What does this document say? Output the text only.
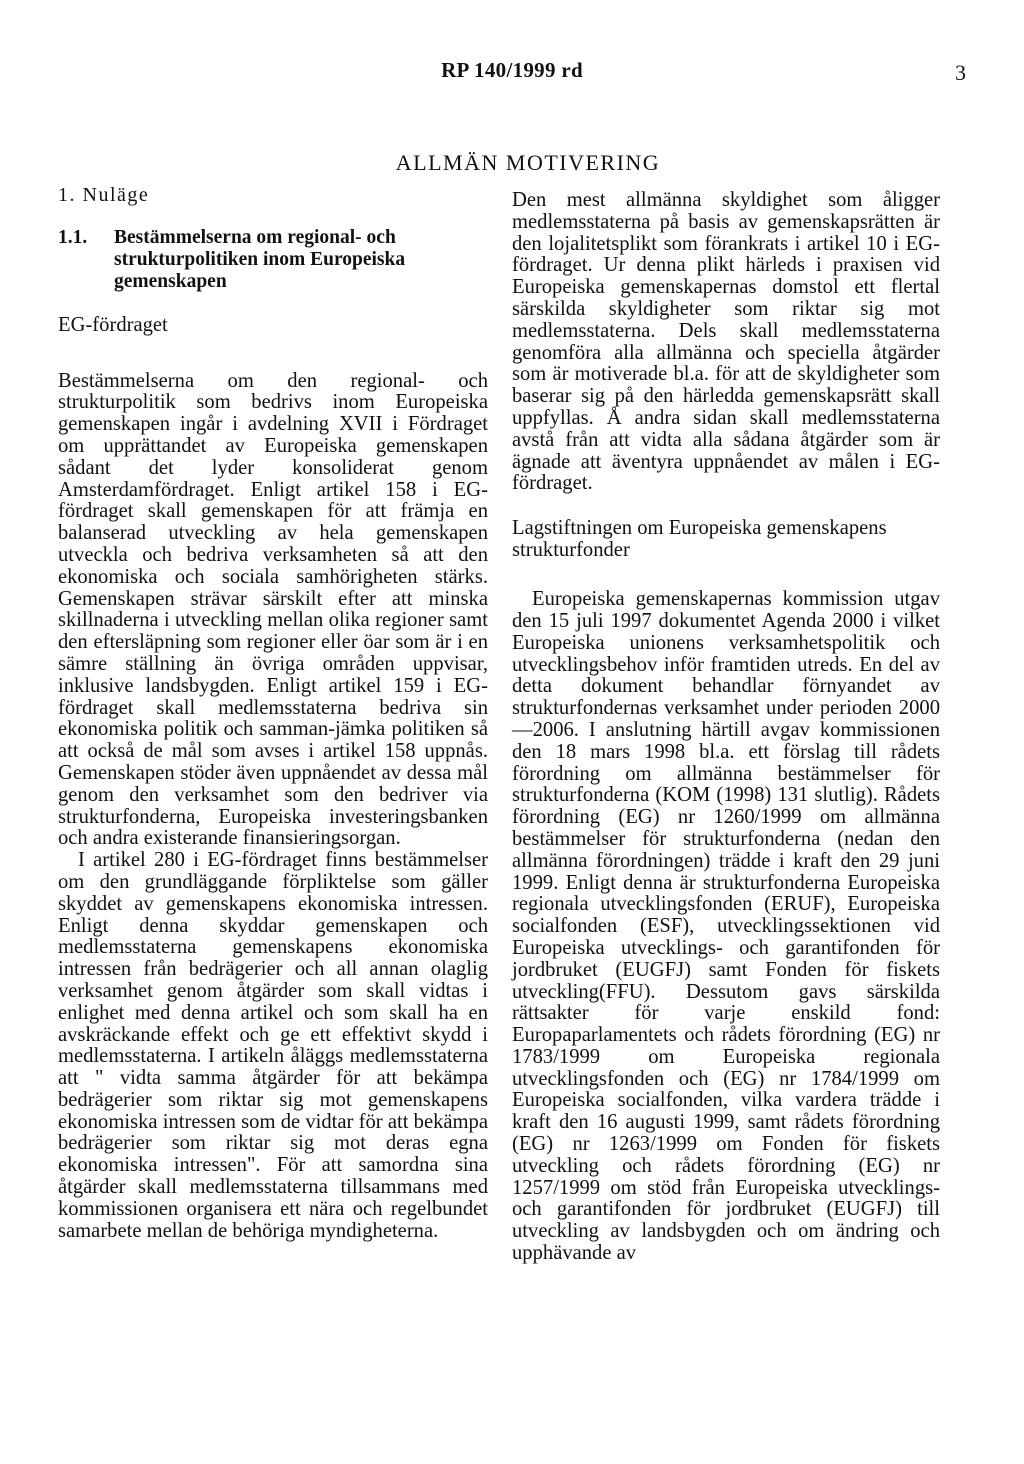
RP 140/1999 rd	3
ALLMÄN MOTIVERING
1. Nuläge
1.1.	Bestämmelserna om regional- och strukturpolitiken inom Europeiska gemenskapen
EG-fördraget

Bestämmelserna om den regional- och strukturpolitik som bedrivs inom Europeiska gemenskapen ingår i avdelning XVII i Fördraget om upprättandet av Europeiska gemenskapen sådant det lyder konsoliderat genom Amsterdamfördraget. Enligt artikel 158 i EG-fördraget skall gemenskapen för att främja en balanserad utveckling av hela gemenskapen utveckla och bedriva verksamheten så att den ekonomiska och sociala samhörigheten stärks. Gemenskapen strävar särskilt efter att minska skillnaderna i utveckling mellan olika regioner samt den eftersläpning som regioner eller öar som är i en sämre ställning än övriga områden uppvisar, inklusive landsbygden. Enligt artikel 159 i EG-fördraget skall medlemsstaterna bedriva sin ekonomiska politik och samman-jämka politiken så att också de mål som avses i artikel 158 uppnås. Gemenskapen stöder även uppnåendet av dessa mål genom den verksamhet som den bedriver via strukturfonderna, Europeiska investeringsbanken och andra existerande finansieringsorgan.

I artikel 280 i EG-fördraget finns bestämmelser om den grundläggande förpliktelse som gäller skyddet av gemenskapens ekonomiska intressen. Enligt denna skyddar gemenskapen och medlemsstaterna gemenskapens ekonomiska intressen från bedrägerier och all annan olaglig verksamhet genom åtgärder som skall vidtas i enlighet med denna artikel och som skall ha en avskräckande effekt och ge ett effektivt skydd i medlemsstaterna. I artikeln åläggs medlemsstaterna att " vidta samma åtgärder för att bekämpa bedrägerier som riktar sig mot gemenskapens ekonomiska intressen som de vidtar för att bekämpa bedrägerier som riktar sig mot deras egna ekonomiska intressen". För att samordna sina åtgärder skall medlemsstaterna tillsammans med kommissionen organisera ett nära och regelbundet samarbete mellan de behöriga myndigheterna.

Den mest allmänna skyldighet som åligger medlemsstaterna på basis av gemenskapsrätten är den lojalitetsplikt som förankrats i artikel 10 i EG-fördraget. Ur denna plikt härleds i praxisen vid Europeiska gemenskapernas domstol ett flertal särskilda skyldigheter som riktar sig mot medlemsstaterna. Dels skall medlemsstaterna genomföra alla allmänna och speciella åtgärder som är motiverade bl.a. för att de skyldigheter som baserar sig på den härledda gemenskapsrätt skall uppfyllas. Å andra sidan skall medlemsstaterna avstå från att vidta alla sådana åtgärder som är ägnade att äventyra uppnåendet av målen i EG-fördraget.

Lagstiftningen om Europeiska gemenskapens strukturfonder

Europeiska gemenskapernas kommission utgav den 15 juli 1997 dokumentet Agenda 2000 i vilket Europeiska unionens verksamhetspolitik och utvecklingsbehov inför framtiden utreds. En del av detta dokument behandlar förnyandet av strukturfondernas verksamhet under perioden 2000—2006. I anslutning härtill avgav kommissionen den 18 mars 1998 bl.a. ett förslag till rådets förordning om allmänna bestämmelser för strukturfonderna (KOM (1998) 131 slutlig). Rådets förordning (EG) nr 1260/1999 om allmänna bestämmelser för strukturfonderna (nedan den allmänna förordningen) trädde i kraft den 29 juni 1999. Enligt denna är strukturfonderna Europeiska regionala utvecklingsfonden (ERUF), Europeiska socialfonden (ESF), utvecklingssektionen vid Europeiska utvecklings- och garantifonden för jordbruket (EUGFJ) samt Fonden för fiskets utveckling(FFU). Dessutom gavs särskilda rättsakter för varje enskild fond: Europaparlamentets och rådets förordning (EG) nr 1783/1999 om Europeiska regionala utvecklingsfonden och (EG) nr 1784/1999 om Europeiska socialfonden, vilka vardera trädde i kraft den 16 augusti 1999, samt rådets förordning (EG) nr 1263/1999 om Fonden för fiskets utveckling och rådets förordning (EG) nr 1257/1999 om stöd från Europeiska utvecklings- och garantifonden för jordbruket (EUGFJ) till utveckling av landsbygden och om ändring och upphävande av
